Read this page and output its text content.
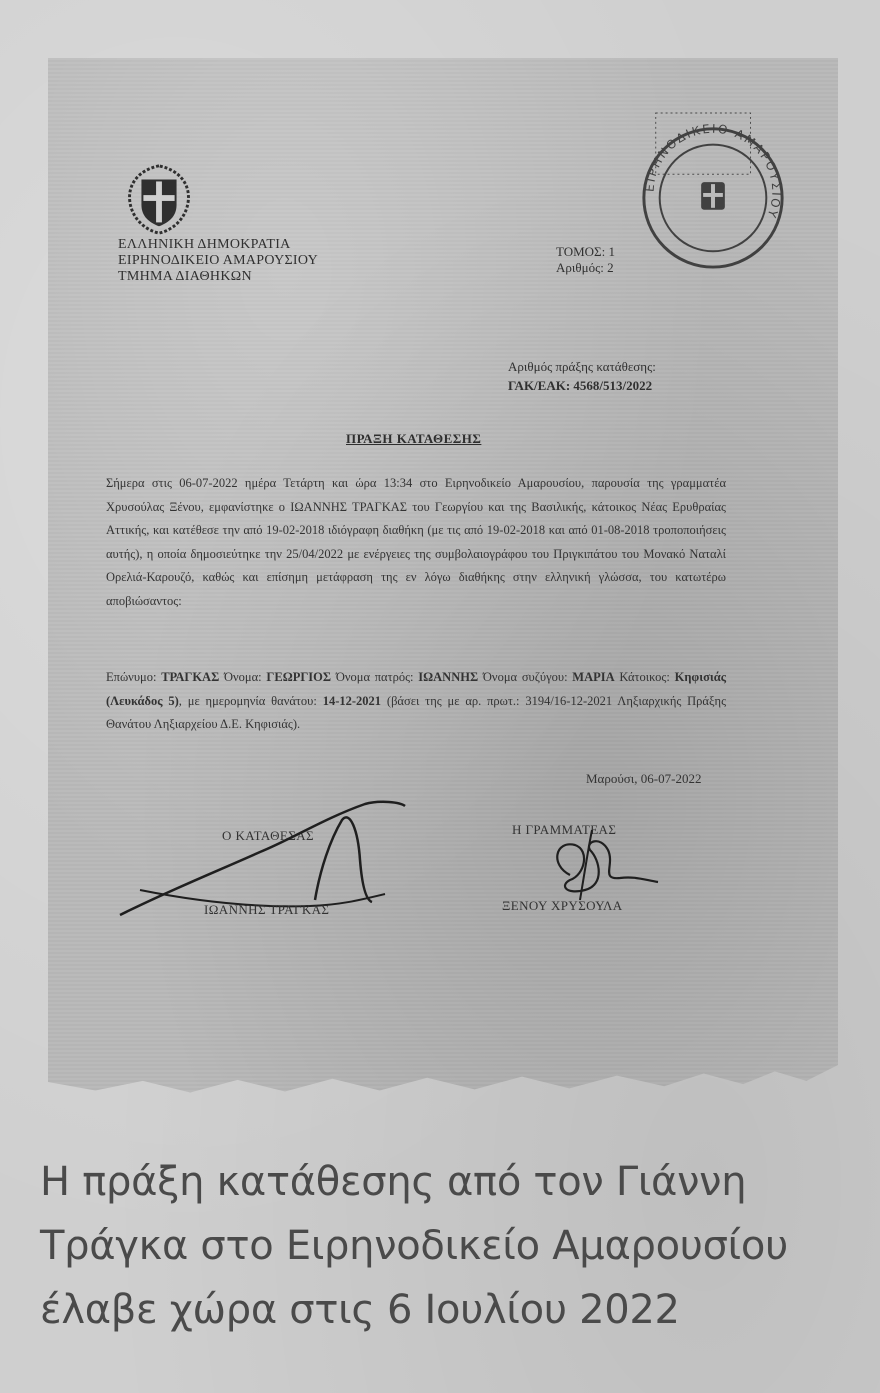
ΕΛΛΗΝΙΚΗ ΔΗΜΟΚΡΑΤΙΑ
ΕΙΡΗΝΟΔΙΚΕΙΟ ΑΜΑΡΟΥΣΙΟΥ
ΤΜΗΜΑ ΔΙΑΘΗΚΩΝ
ΤΟΜΟΣ: 1
Αριθμός: 2
ΕΙΡΗΝΟΔΙΚΕΙΟ ΑΜΑΡΟΥΣΙΟΥ
Αριθμός πράξης κατάθεσης:
ΓΑΚ/ΕΑΚ: 4568/513/2022
ΠΡΑΞΗ ΚΑΤΑΘΕΣΗΣ
Σήμερα στις 06-07-2022 ημέρα Τετάρτη και ώρα 13:34 στο Ειρηνοδικείο Αμαρουσίου, παρουσία της γραμματέα Χρυσούλας Ξένου, εμφανίστηκε ο ΙΩΑΝΝΗΣ ΤΡΑΓΚΑΣ του Γεωργίου και της Βασιλικής, κάτοικος Νέας Ερυθραίας Αττικής, και κατέθεσε την από 19-02-2018 ιδιόγραφη διαθήκη (με τις από 19-02-2018 και από 01-08-2018 τροποποιήσεις αυτής), η οποία δημοσιεύτηκε την 25/04/2022 με ενέργειες της συμβολαιογράφου του Πριγκιπάτου του Μονακό Ναταλί Ορελιά-Καρουζό, καθώς και επίσημη μετάφραση της εν λόγω διαθήκης στην ελληνική γλώσσα, του κατωτέρω αποβιώσαντος:
Επώνυμο: ΤΡΑΓΚΑΣ Όνομα: ΓΕΩΡΓΙΟΣ Όνομα πατρός: ΙΩΑΝΝΗΣ Όνομα συζύγου: ΜΑΡΙΑ Κάτοικος: Κηφισιάς (Λευκάδος 5), με ημερομηνία θανάτου: 14-12-2021 (βάσει της με αρ. πρωτ.: 3194/16-12-2021 Ληξιαρχικής Πράξης Θανάτου Ληξιαρχείου Δ.Ε. Κηφισιάς).
Μαρούσι, 06-07-2022
Ο ΚΑΤΑΘΕΣΑΣ	Η ΓΡΑΜΜΑΤΕΑΣ
ΙΩΑΝΝΗΣ ΤΡΑΓΚΑΣ	ΞΕΝΟΥ ΧΡΥΣΟΥΛΑ
Η πράξη κατάθεσης από τον Γιάννη
Τράγκα στο Ειρηνοδικείο Αμαρουσίου
έλαβε χώρα στις 6 Ιουλίου 2022
